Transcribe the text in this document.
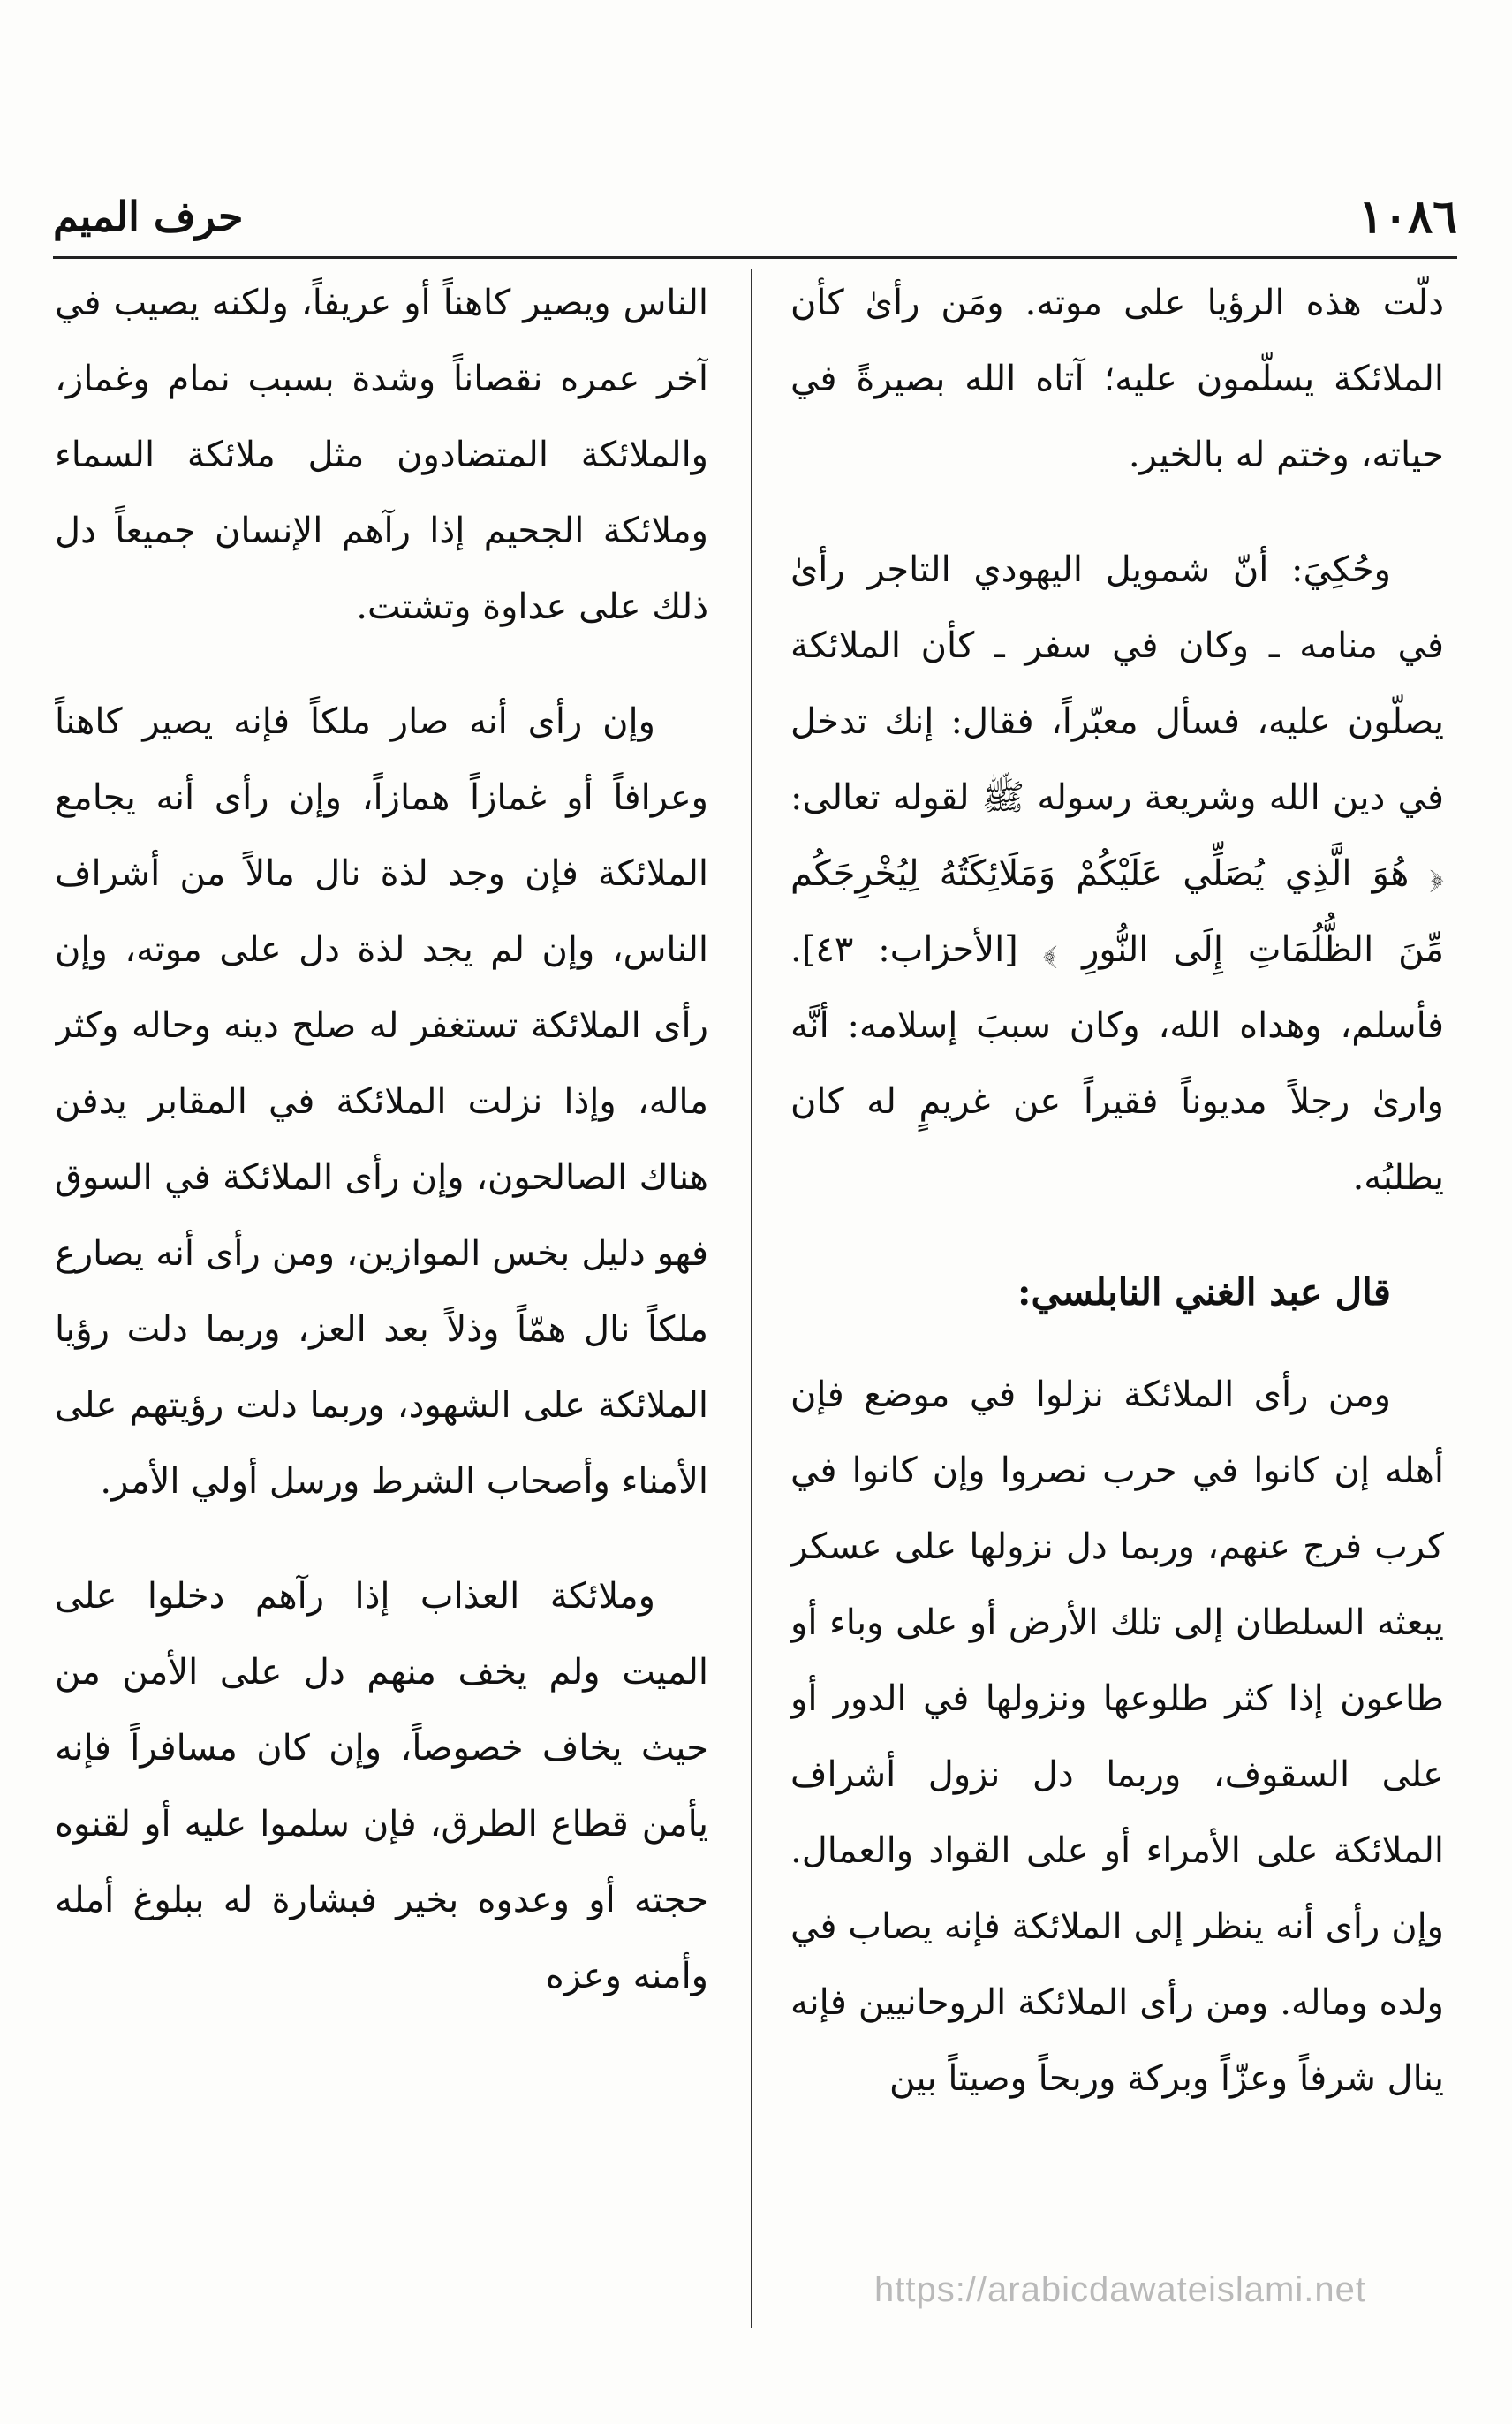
١٠٨٦
حرف الميم

دلّت هذه الرؤيا على موته. ومَن رأىٰ كأن الملائكة يسلّمون عليه؛ آتاه الله بصيرةً في حياته، وختم له بالخير.

وحُكِيَ: أنّ شمويل اليهودي التاجر رأىٰ في منامه ـ وكان في سفر ـ كأن الملائكة يصلّون عليه، فسأل معبّراً، فقال: إنك تدخل في دين الله وشريعة رسوله ﷺ لقوله تعالى: ﴿ هُوَ الَّذِي يُصَلِّي عَلَيْكُمْ وَمَلَائِكَتُهُ لِيُخْرِجَكُم مِّنَ الظُّلُمَاتِ إِلَى النُّورِ ﴾ [الأحزاب: ٤٣]. فأسلم، وهداه الله، وكان سببَ إسلامه: أنَّه وارىٰ رجلاً مديوناً فقيراً عن غريمٍ له كان يطلبُه.

قال عبد الغني النابلسي:

ومن رأى الملائكة نزلوا في موضع فإن أهله إن كانوا في حرب نصروا وإن كانوا في كرب فرج عنهم، وربما دل نزولها على عسكر يبعثه السلطان إلى تلك الأرض أو على وباء أو طاعون إذا كثر طلوعها ونزولها في الدور أو على السقوف، وربما دل نزول أشراف الملائكة على الأمراء أو على القواد والعمال. وإن رأى أنه ينظر إلى الملائكة فإنه يصاب في ولده وماله. ومن رأى الملائكة الروحانيين فإنه ينال شرفاً وعزّاً وبركة وربحاً وصيتاً بين

الناس ويصير كاهناً أو عريفاً، ولكنه يصيب في آخر عمره نقصاناً وشدة بسبب نمام وغماز، والملائكة المتضادون مثل ملائكة السماء وملائكة الجحيم إذا رآهم الإنسان جميعاً دل ذلك على عداوة وتشتت.

وإن رأى أنه صار ملكاً فإنه يصير كاهناً وعرافاً أو غمازاً همازاً، وإن رأى أنه يجامع الملائكة فإن وجد لذة نال مالاً من أشراف الناس، وإن لم يجد لذة دل على موته، وإن رأى الملائكة تستغفر له صلح دينه وحاله وكثر ماله، وإذا نزلت الملائكة في المقابر يدفن هناك الصالحون، وإن رأى الملائكة في السوق فهو دليل بخس الموازين، ومن رأى أنه يصارع ملكاً نال همّاً وذلاً بعد العز، وربما دلت رؤيا الملائكة على الشهود، وربما دلت رؤيتهم على الأمناء وأصحاب الشرط ورسل أولي الأمر.

وملائكة العذاب إذا رآهم دخلوا على الميت ولم يخف منهم دل على الأمن من حيث يخاف خصوصاً، وإن كان مسافراً فإنه يأمن قطاع الطرق، فإن سلموا عليه أو لقنوه حجته أو وعدوه بخير فبشارة له ببلوغ أمله وأمنه وعزه

https://arabicdawateislami.net
